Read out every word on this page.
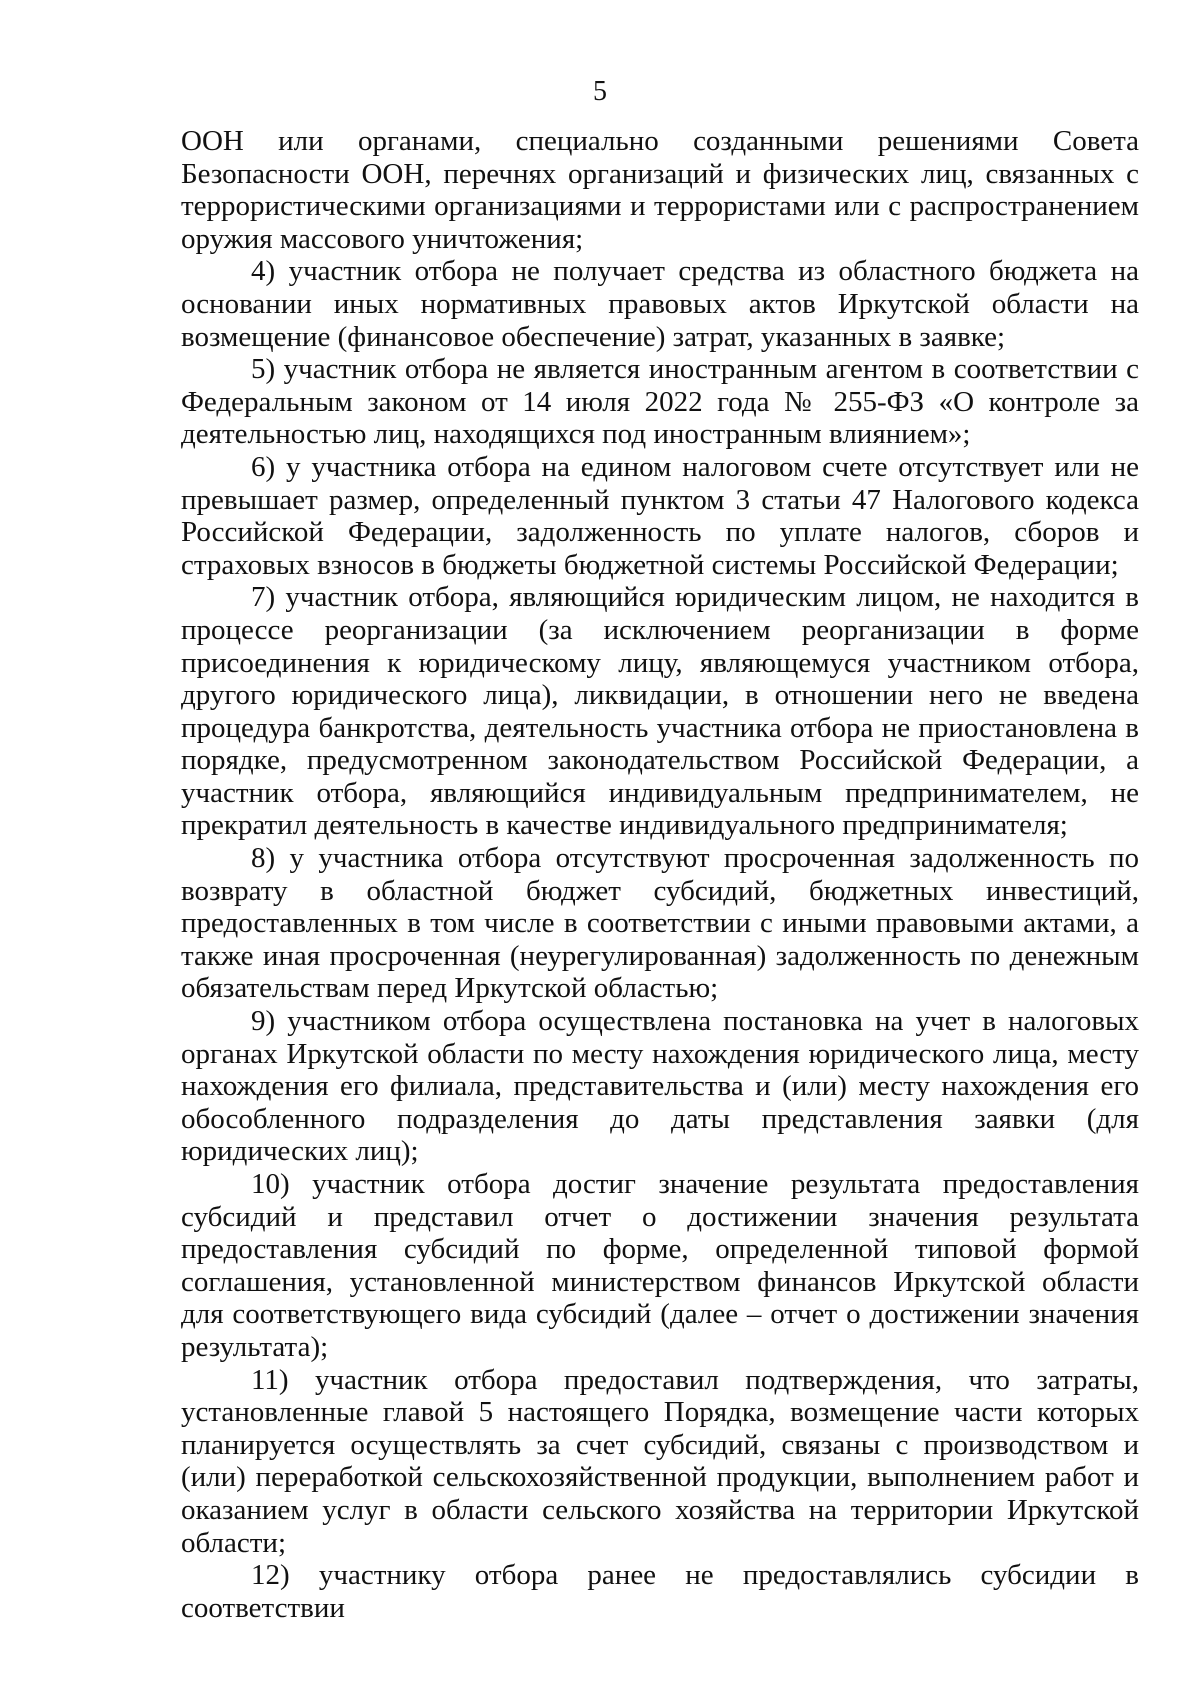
5

ООН или органами, специально созданными решениями Совета Безопасности ООН, перечнях организаций и физических лиц, связанных с террористическими организациями и террористами или с распространением оружия массового уничтожения;

4) участник отбора не получает средства из областного бюджета на основании иных нормативных правовых актов Иркутской области на возмещение (финансовое обеспечение) затрат, указанных в заявке;

5) участник отбора не является иностранным агентом в соответствии с Федеральным законом от 14 июля 2022 года № 255-ФЗ «О контроле за деятельностью лиц, находящихся под иностранным влиянием»;

6) у участника отбора на едином налоговом счете отсутствует или не превышает размер, определенный пунктом 3 статьи 47 Налогового кодекса Российской Федерации, задолженность по уплате налогов, сборов и страховых взносов в бюджеты бюджетной системы Российской Федерации;

7) участник отбора, являющийся юридическим лицом, не находится в процессе реорганизации (за исключением реорганизации в форме присоединения к юридическому лицу, являющемуся участником отбора, другого юридического лица), ликвидации, в отношении него не введена процедура банкротства, деятельность участника отбора не приостановлена в порядке, предусмотренном законодательством Российской Федерации, а участник отбора, являющийся индивидуальным предпринимателем, не прекратил деятельность в качестве индивидуального предпринимателя;

8) у участника отбора отсутствуют просроченная задолженность по возврату в областной бюджет субсидий, бюджетных инвестиций, предоставленных в том числе в соответствии с иными правовыми актами, а также иная просроченная (неурегулированная) задолженность по денежным обязательствам перед Иркутской областью;

9) участником отбора осуществлена постановка на учет в налоговых органах Иркутской области по месту нахождения юридического лица, месту нахождения его филиала, представительства и (или) месту нахождения его обособленного подразделения до даты представления заявки (для юридических лиц);

10) участник отбора достиг значение результата предоставления субсидий и представил отчет о достижении значения результата предоставления субсидий по форме, определенной типовой формой соглашения, установленной министерством финансов Иркутской области для соответствующего вида субсидий (далее – отчет о достижении значения результата);

11) участник отбора предоставил подтверждения, что затраты, установленные главой 5 настоящего Порядка, возмещение части которых планируется осуществлять за счет субсидий, связаны с производством и (или) переработкой сельскохозяйственной продукции, выполнением работ и оказанием услуг в области сельского хозяйства на территории Иркутской области;

12) участнику отбора ранее не предоставлялись субсидии в соответствии
